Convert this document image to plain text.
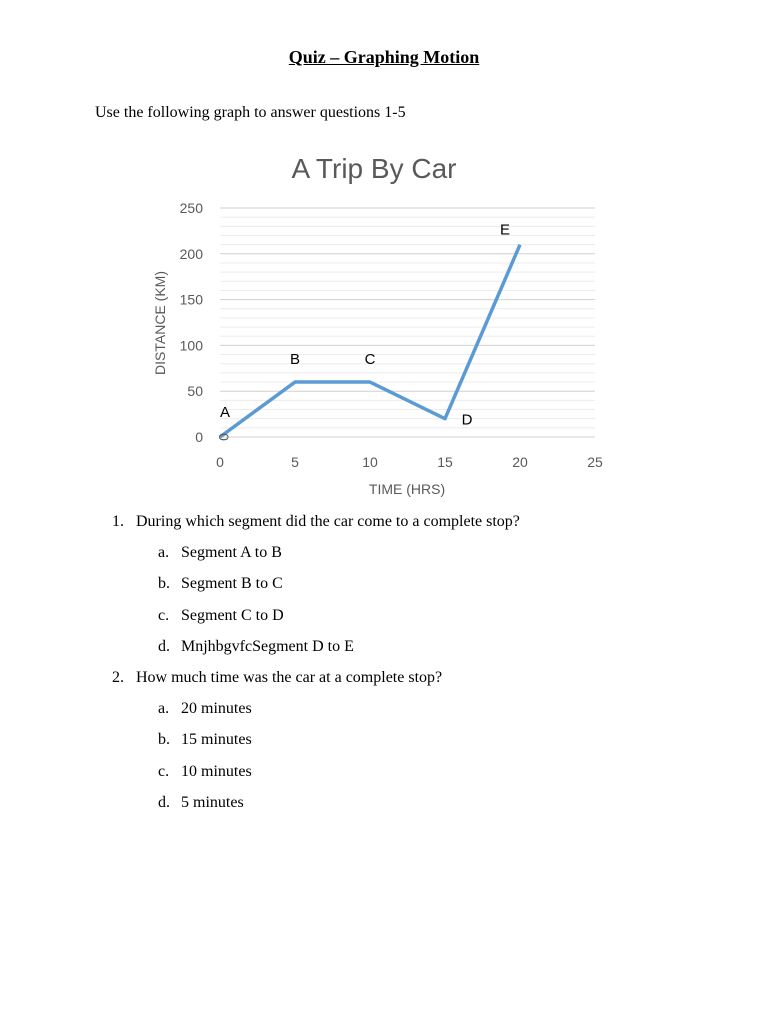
Quiz – Graphing Motion
Use the following graph to answer questions 1-5
A Trip By Car
0
50
100
150
200
250
0	5	10	15	20	25
TIME (HRS)
DISTANCE (KM)
A
B	C
D
E
0
1. During which segment did the car come to a complete stop?
a. Segment A to B
b. Segment B to C
c. Segment C to D
d. MnjhbgvfcSegment D to E
2. How much time was the car at a complete stop?
a. 20 minutes
b. 15 minutes
c. 10 minutes
d. 5 minutes
